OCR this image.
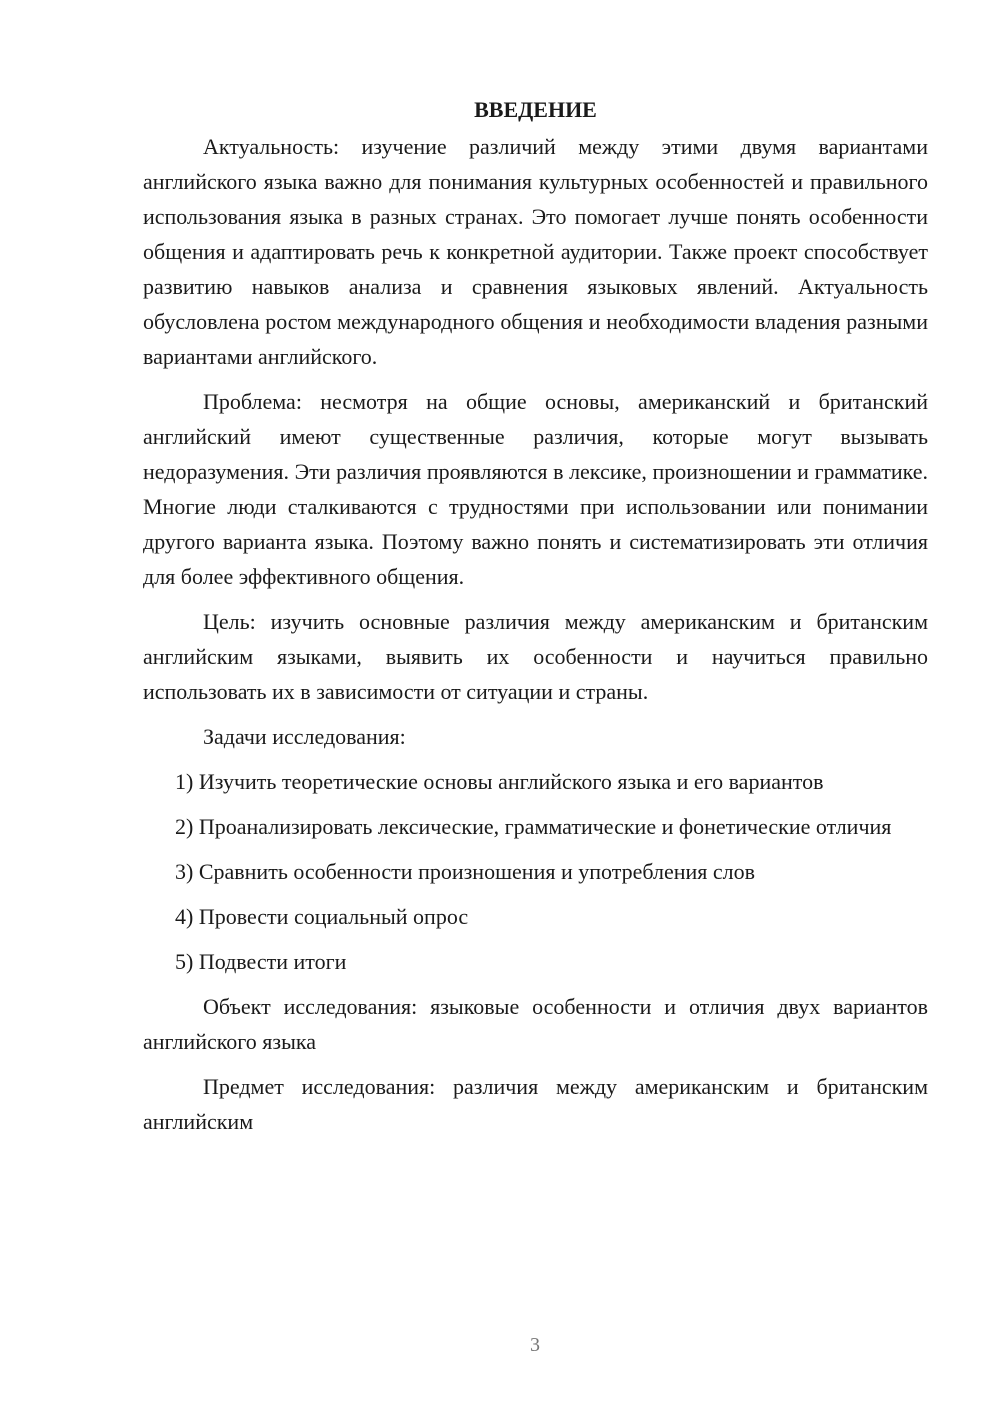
ВВЕДЕНИЕ

Актуальность: изучение различий между этими двумя вариантами английского языка важно для понимания культурных особенностей и правильного использования языка в разных странах. Это помогает лучше понять особенности общения и адаптировать речь к конкретной аудитории. Также проект способствует развитию навыков анализа и сравнения языковых явлений. Актуальность обусловлена ростом международного общения и необходимости владения разными вариантами английского.

Проблема: несмотря на общие основы, американский и британский английский имеют существенные различия, которые могут вызывать недоразумения. Эти различия проявляются в лексике, произношении и грамматике. Многие люди сталкиваются с трудностями при использовании или понимании другого варианта языка. Поэтому важно понять и систематизировать эти отличия для более эффективного общения.

Цель: изучить основные различия между американским и британским английским языками, выявить их особенности и научиться правильно использовать их в зависимости от ситуации и страны.

Задачи исследования:

1) Изучить теоретические основы английского языка и его вариантов
2) Проанализировать лексические, грамматические и фонетические отличия
3) Сравнить особенности произношения и употребления слов
4) Провести социальный опрос
5) Подвести итоги

Объект исследования: языковые особенности и отличия двух вариантов английского языка

Предмет исследования: различия между американским и британским английским

3
